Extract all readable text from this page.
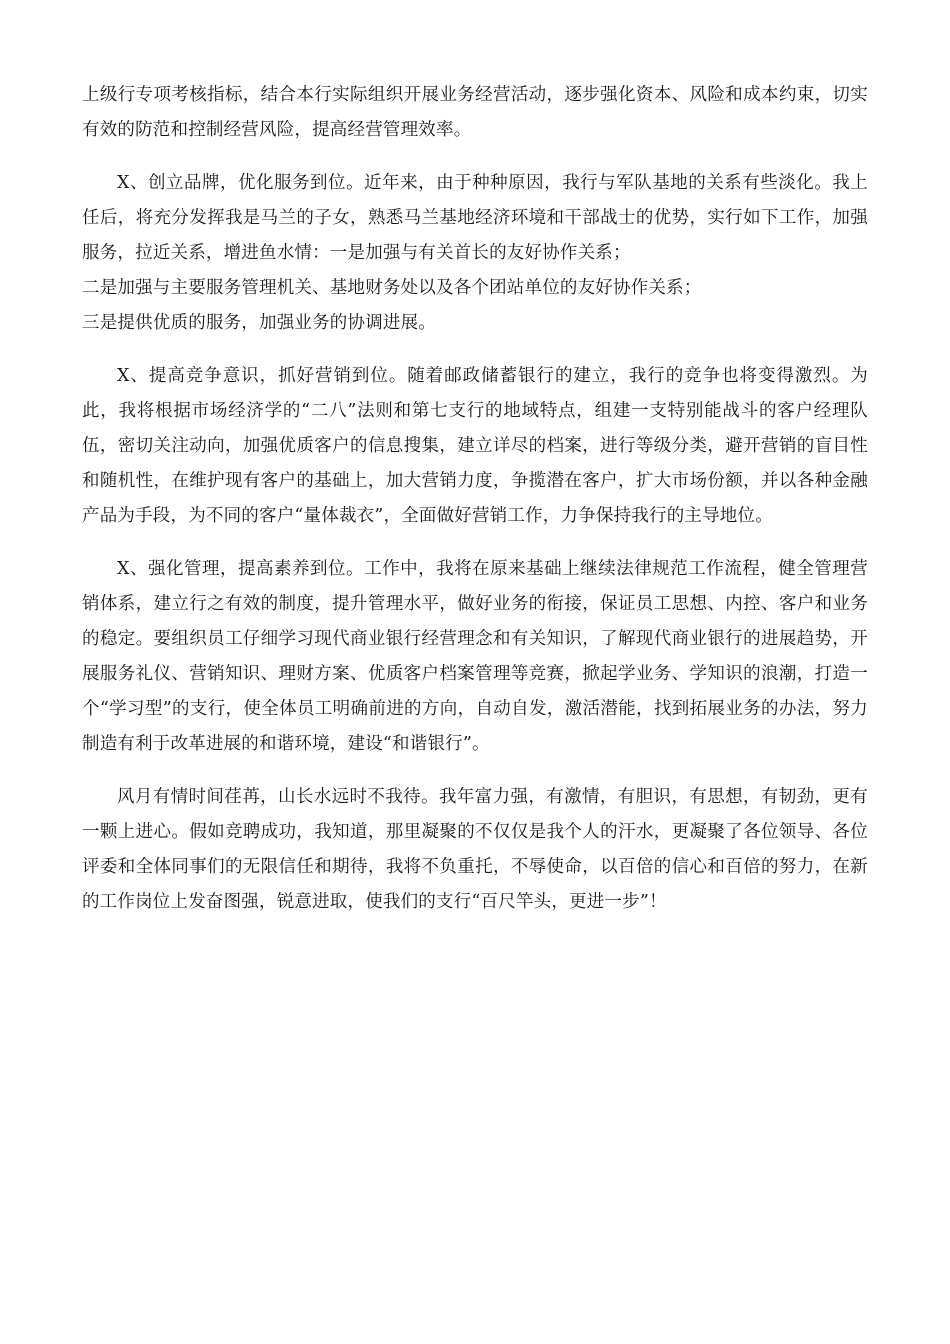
上级行专项考核指标，结合本行实际组织开展业务经营活动，逐步强化资本、风险和成本约束，切实有效的防范和控制经营风险，提高经营管理效率。

X、创立品牌，优化服务到位。近年来，由于种种原因，我行与军队基地的关系有些淡化。我上任后，将充分发挥我是马兰的子女，熟悉马兰基地经济环境和干部战士的优势，实行如下工作，加强服务，拉近关系，增进鱼水情：一是加强与有关首长的友好协作关系；

二是加强与主要服务管理机关、基地财务处以及各个团站单位的友好协作关系；

三是提供优质的服务，加强业务的协调进展。

X、提高竞争意识，抓好营销到位。随着邮政储蓄银行的建立，我行的竞争也将变得激烈。为此，我将根据市场经济学的“二八”法则和第七支行的地域特点，组建一支特别能战斗的客户经理队伍，密切关注动向，加强优质客户的信息搜集，建立详尽的档案，进行等级分类，避开营销的盲目性和随机性，在维护现有客户的基础上，加大营销力度，争揽潜在客户，扩大市场份额，并以各种金融产品为手段，为不同的客户“量体裁衣”，全面做好营销工作，力争保持我行的主导地位。

X、强化管理，提高素养到位。工作中，我将在原来基础上继续法律规范工作流程，健全管理营销体系，建立行之有效的制度，提升管理水平，做好业务的衔接，保证员工思想、内控、客户和业务的稳定。要组织员工仔细学习现代商业银行经营理念和有关知识，了解现代商业银行的进展趋势，开展服务礼仪、营销知识、理财方案、优质客户档案管理等竞赛，掀起学业务、学知识的浪潮，打造一个“学习型”的支行，使全体员工明确前进的方向，自动自发，激活潜能，找到拓展业务的办法，努力制造有利于改革进展的和谐环境，建设“和谐银行”。

风月有情时间荏苒，山长水远时不我待。我年富力强，有激情，有胆识，有思想，有韧劲，更有一颗上进心。假如竞聘成功，我知道，那里凝聚的不仅仅是我个人的汗水，更凝聚了各位领导、各位评委和全体同事们的无限信任和期待，我将不负重托，不辱使命，以百倍的信心和百倍的努力，在新的工作岗位上发奋图强，锐意进取，使我们的支行“百尺竿头，更进一步”！
